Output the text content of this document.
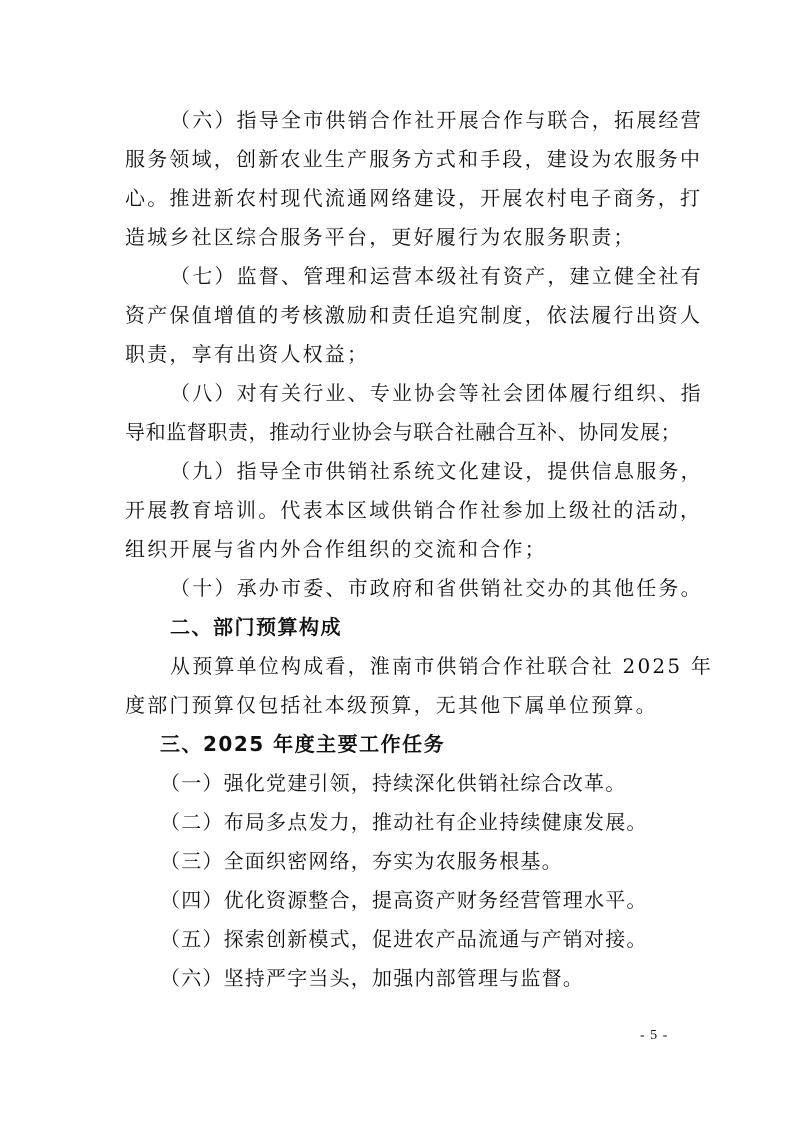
（六）指导全市供销合作社开展合作与联合，拓展经营
服务领域，创新农业生产服务方式和手段，建设为农服务中
心。推进新农村现代流通网络建设，开展农村电子商务，打
造城乡社区综合服务平台，更好履行为农服务职责；
（七）监督、管理和运营本级社有资产，建立健全社有
资产保值增值的考核激励和责任追究制度，依法履行出资人
职责，享有出资人权益；
（八）对有关行业、专业协会等社会团体履行组织、指
导和监督职责，推动行业协会与联合社融合互补、协同发展；
（九）指导全市供销社系统文化建设，提供信息服务，
开展教育培训。代表本区域供销合作社参加上级社的活动，
组织开展与省内外合作组织的交流和合作；
（十）承办市委、市政府和省供销社交办的其他任务。
二、部门预算构成
从预算单位构成看，淮南市供销合作社联合社 2025 年
度部门预算仅包括社本级预算，无其他下属单位预算。
三、2025 年度主要工作任务
（一）强化党建引领，持续深化供销社综合改革。
（二）布局多点发力，推动社有企业持续健康发展。
（三）全面织密网络，夯实为农服务根基。
（四）优化资源整合，提高资产财务经营管理水平。
（五）探索创新模式，促进农产品流通与产销对接。
（六）坚持严字当头，加强内部管理与监督。
- 5 -
